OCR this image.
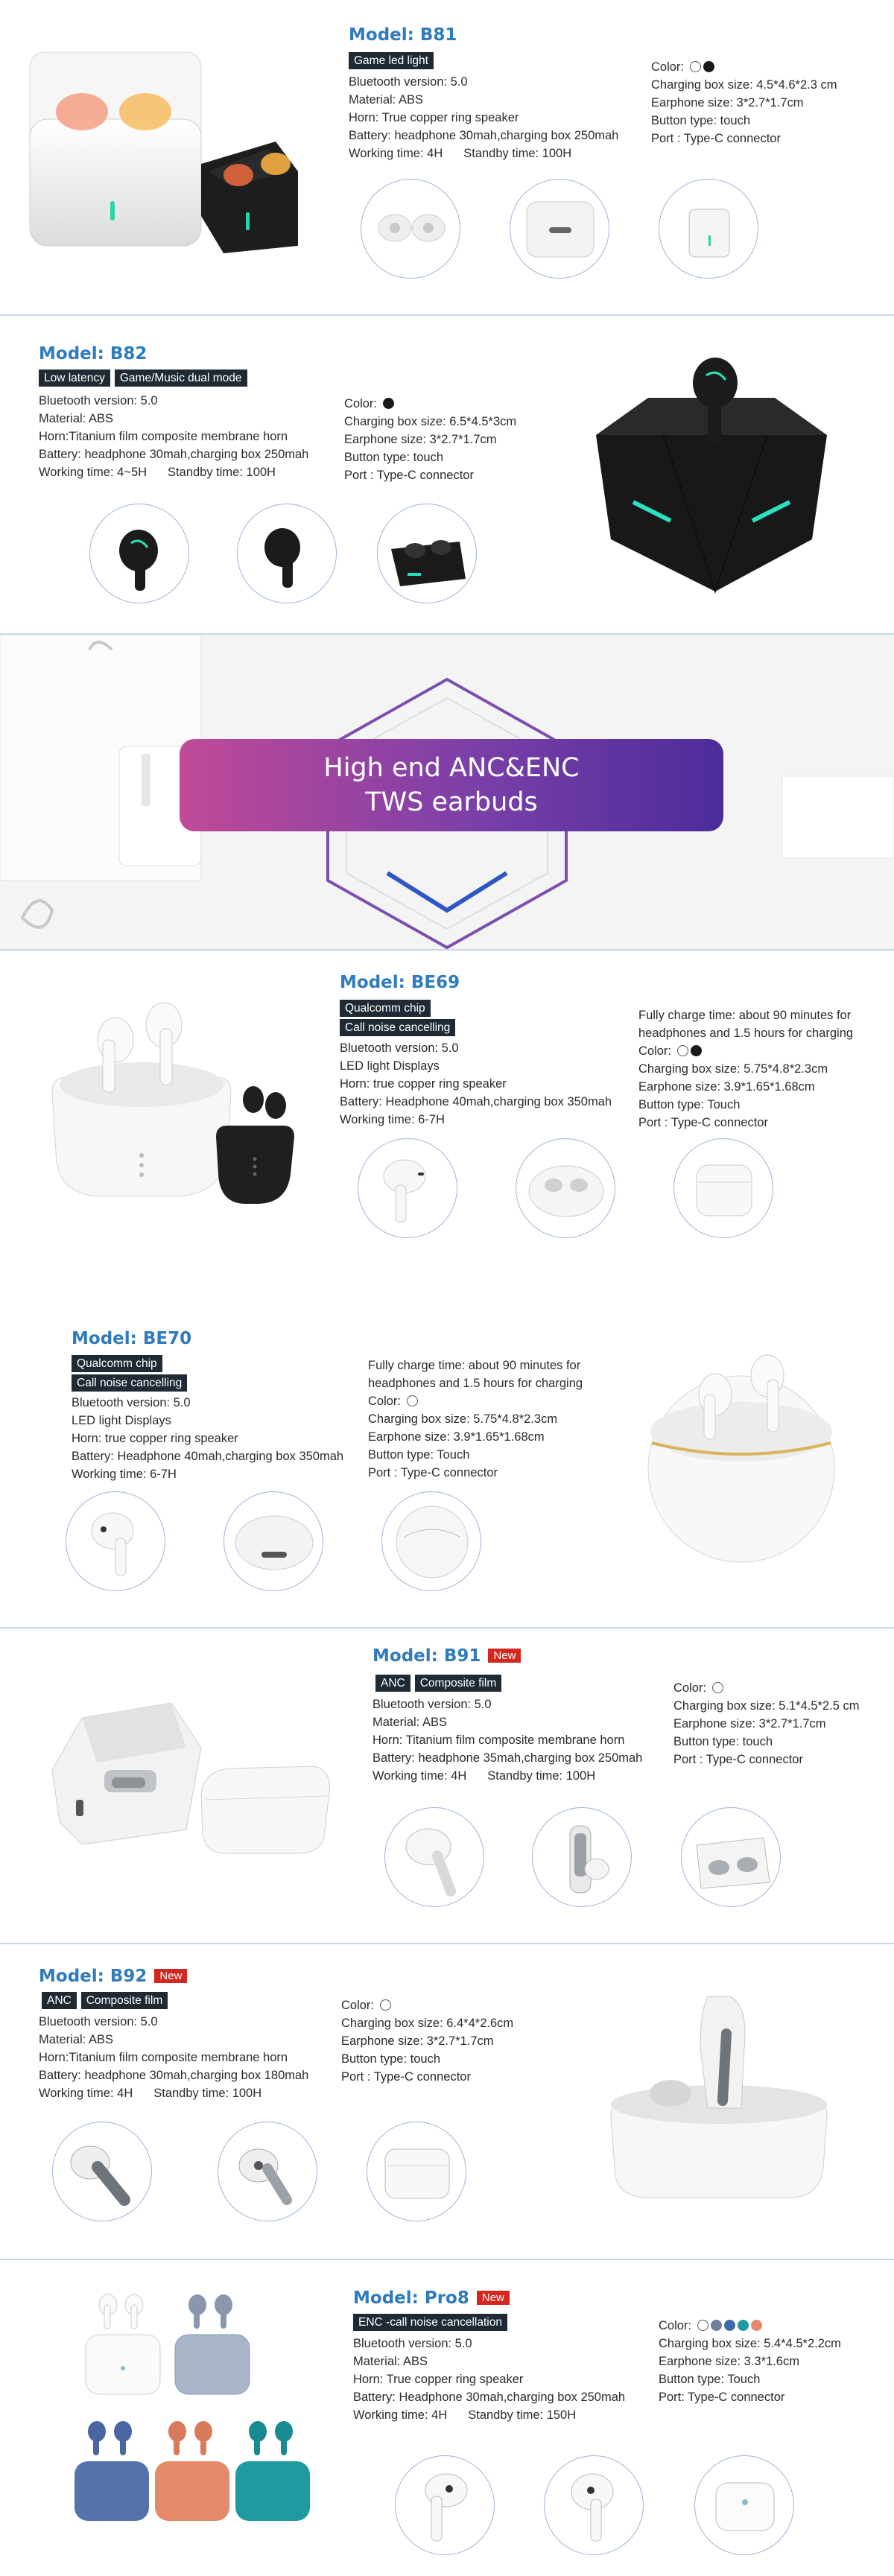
Model: B81
Game led light
Bluetooth version: 5.0
Material: ABS
Horn: True copper ring speaker
Battery: headphone 30mah,charging box 250mah
Working time: 4H Standby time: 100H
Color:
Charging box size: 4.5*4.6*2.3 cm
Earphone size: 3*2.7*1.7cm
Button type: touch
Port : Type-C connector
Model: B82
Low latency Game/Music dual mode
Bluetooth version: 5.0
Material: ABS
Horn:Titanium film composite membrane horn
Battery: headphone 30mah,charging box 250mah
Working time: 4~5H Standby time: 100H
Color:
Charging box size: 6.5*4.5*3cm
Earphone size: 3*2.7*1.7cm
Button type: touch
Port : Type-C connector
High end ANC&ENC
TWS earbuds
Model: BE69
Qualcomm chip
Call noise cancelling
Bluetooth version: 5.0
LED light Displays
Horn: true copper ring speaker
Battery: Headphone 40mah,charging box 350mah
Working time: 6-7H
Fully charge time: about 90 minutes for
headphones and 1.5 hours for charging
Color:
Charging box size: 5.75*4.8*2.3cm
Earphone size: 3.9*1.65*1.68cm
Button type: Touch
Port : Type-C connector
Model: BE70
Qualcomm chip
Call noise cancelling
Bluetooth version: 5.0
LED light Displays
Horn: true copper ring speaker
Battery: Headphone 40mah,charging box 350mah
Working time: 6-7H
Fully charge time: about 90 minutes for
headphones and 1.5 hours for charging
Color:
Charging box size: 5.75*4.8*2.3cm
Earphone size: 3.9*1.65*1.68cm
Button type: Touch
Port : Type-C connector
Model: B91 New
ANC Composite film
Bluetooth version: 5.0
Material: ABS
Horn: Titanium film composite membrane horn
Battery: headphone 35mah,charging box 250mah
Working time: 4H Standby time: 100H
Color:
Charging box size: 5.1*4.5*2.5 cm
Earphone size: 3*2.7*1.7cm
Button type: touch
Port : Type-C connector
Model: B92 New
ANC Composite film
Bluetooth version: 5.0
Material: ABS
Horn:Titanium film composite membrane horn
Battery: headphone 30mah,charging box 180mah
Working time: 4H Standby time: 100H
Color:
Charging box size: 6.4*4*2.6cm
Earphone size: 3*2.7*1.7cm
Button type: touch
Port : Type-C connector
Model: Pro8 New
ENC -call noise cancellation
Bluetooth version: 5.0
Material: ABS
Horn: True copper ring speaker
Battery: Headphone 30mah,charging box 250mah
Working time: 4H Standby time: 150H
Color:
Charging box size: 5.4*4.5*2.2cm
Earphone size: 3.3*1.6cm
Button type: Touch
Port: Type-C connector
